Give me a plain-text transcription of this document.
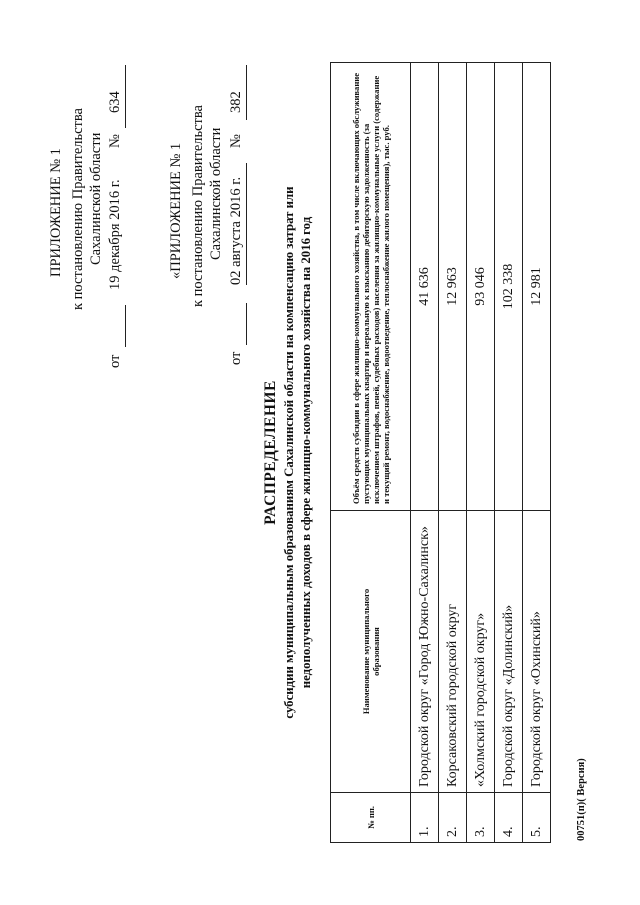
ПРИЛОЖЕНИЕ № 1 к постановлению Правительства Сахалинской области
от
19 декабря 2016 г.
№
634
«ПРИЛОЖЕНИЕ № 1 к постановлению Правительства Сахалинской области
от
02 августа 2016 г.
№
382
РАСПРЕДЕЛЕНИЕ субсидии муниципальным образованиям Сахалинской области на компенсацию затрат или недополученных доходов в сфере жилищно-коммунального хозяйства на 2016 год
№ пп.	Наименование муниципального образования	Объём средств субсидии в сфере жилищно-коммунального хозяйства, в том числе включающих обслуживание пустующих муниципальных квартир и нереальную к взысканию дебиторскую задолженность (за исключением штрафов, пеней, судебных расходов) населения за жилищно-коммунальные услуги (содержание и текущий ремонт, водоснабжение, водоотведение, теплоснабжение жилого помещения), тыс. руб.
1.	Городской округ «Город Южно-Сахалинск»	41 636
2.	Корсаковский городской округ	12 963
3.	«Холмский городской округ»	93 046
4.	Городской округ «Долинский»	102 338
5.	Городской округ «Охинский»	12 981
00751(п)( Версия)
